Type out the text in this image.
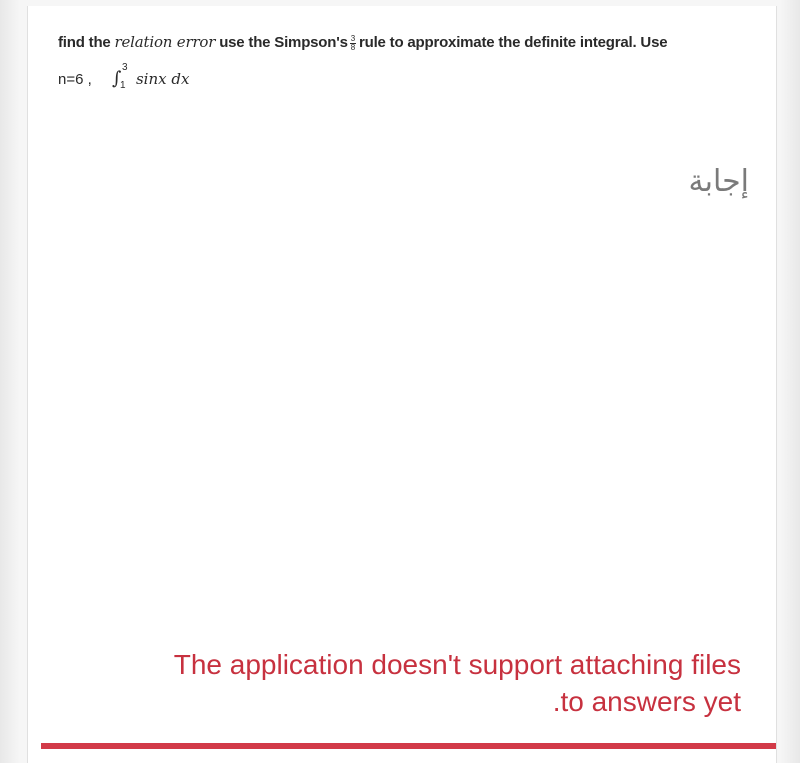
find the relation error use the Simpson's $\frac{3}{8}$ rule to approximate the definite integral. Use
n=6 , ∫
3
1 sinx dx
إجابة
The application doesn't support attaching files
.to answers yet
